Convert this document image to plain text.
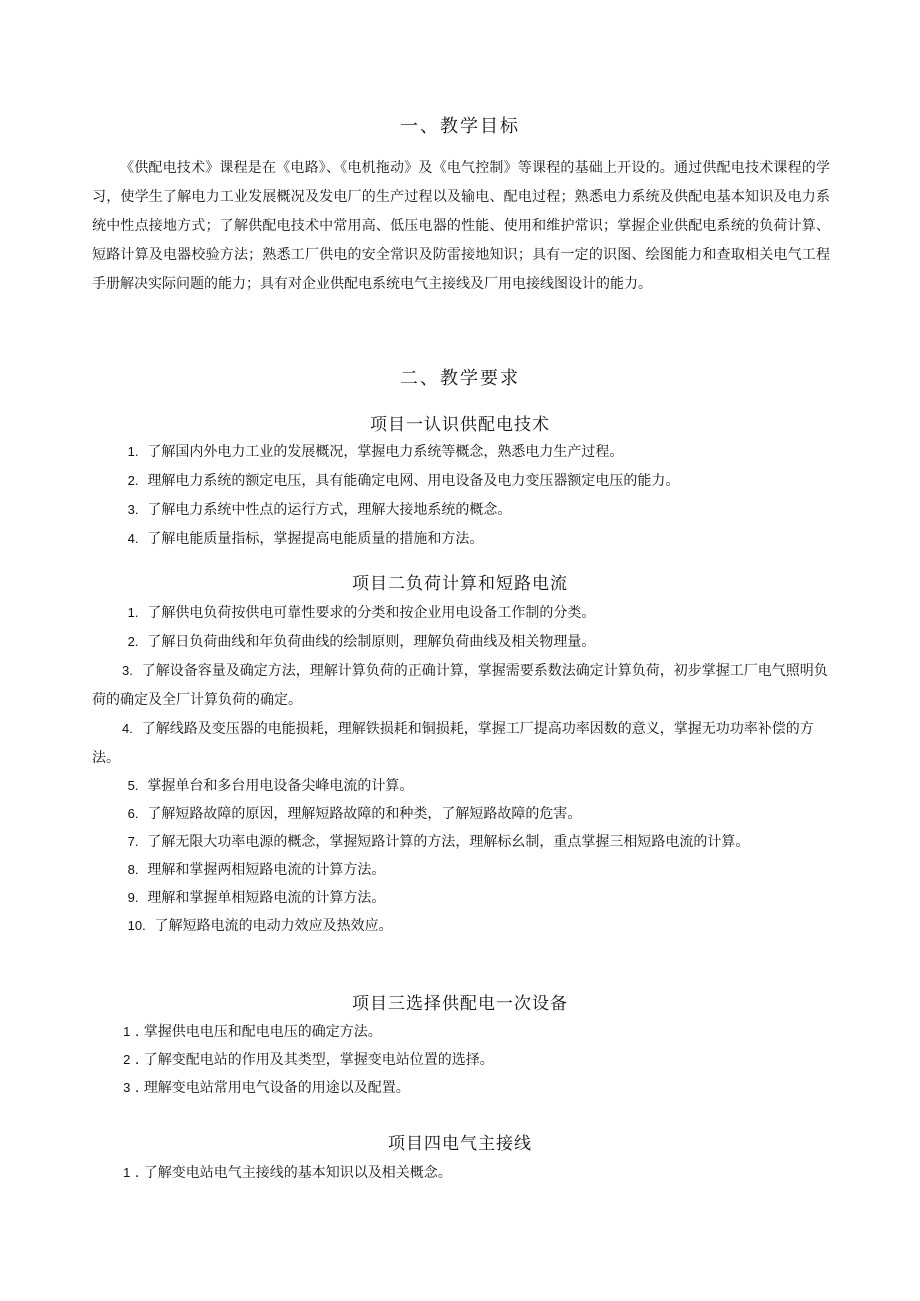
一、教学目标

《供配电技术》课程是在《电路》、《电机拖动》及《电气控制》等课程的基础上开设的。通过供配电技术课程的学习，使学生了解电力工业发展概况及发电厂的生产过程以及输电、配电过程；熟悉电力系统及供配电基本知识及电力系统中性点接地方式；了解供配电技术中常用高、低压电器的性能、使用和维护常识；掌握企业供配电系统的负荷计算、短路计算及电器校验方法；熟悉工厂供电的安全常识及防雷接地知识；具有一定的识图、绘图能力和查取相关电气工程手册解决实际问题的能力；具有对企业供配电系统电气主接线及厂用电接线图设计的能力。

二、教学要求
项目一认识供配电技术

1. 了解国内外电力工业的发展概况，掌握电力系统等概念，熟悉电力生产过程。

2. 理解电力系统的额定电压，具有能确定电网、用电设备及电力变压器额定电压的能力。

3. 了解电力系统中性点的运行方式，理解大接地系统的概念。

4. 了解电能质量指标，掌握提高电能质量的措施和方法。

项目二负荷计算和短路电流

1. 了解供电负荷按供电可靠性要求的分类和按企业用电设备工作制的分类。

2. 了解日负荷曲线和年负荷曲线的绘制原则，理解负荷曲线及相关物理量。

3. 了解设备容量及确定方法，理解计算负荷的正确计算，掌握需要系数法确定计算负荷，初步掌握工厂电气照明负荷的确定及全厂计算负荷的确定。

4. 了解线路及变压器的电能损耗，理解铁损耗和铜损耗，掌握工厂提高功率因数的意义，掌握无功功率补偿的方法。

5. 掌握单台和多台用电设备尖峰电流的计算。

6. 了解短路故障的原因，理解短路故障的和种类，了解短路故障的危害。

7. 了解无限大功率电源的概念，掌握短路计算的方法，理解标幺制，重点掌握三相短路电流的计算。

8. 理解和掌握两相短路电流的计算方法。

9. 理解和掌握单相短路电流的计算方法。

10. 了解短路电流的电动力效应及热效应。

项目三选择供配电一次设备

1 . 掌握供电电压和配电电压的确定方法。

2 . 了解变配电站的作用及其类型，掌握变电站位置的选择。

3 . 理解变电站常用电气设备的用途以及配置。

项目四电气主接线

1 . 了解变电站电气主接线的基本知识以及相关概念。
